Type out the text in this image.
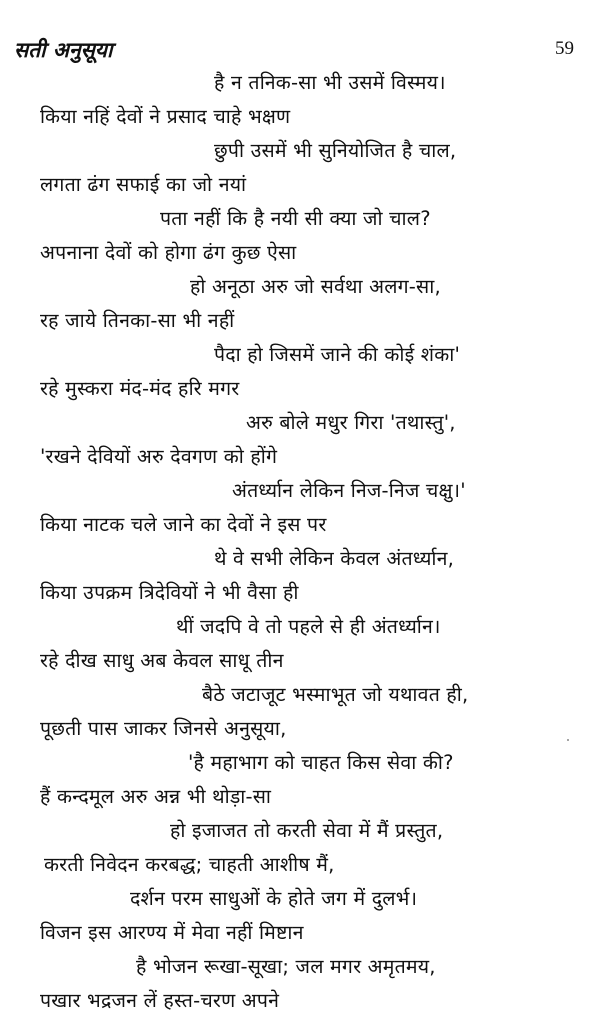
सती अनुसूया	59
है न तनिक-सा भी उसमें विस्मय।
किया नहिं देवों ने प्रसाद चाहे भक्षण
छुपी उसमें भी सुनियोजित है चाल,
लगता ढंग सफाई का जो नयां
पता नहीं कि है नयी सी क्या जो चाल?
अपनाना देवों को होगा ढंग कुछ ऐसा
हो अनूठा अरु जो सर्वथा अलग-सा,
रह जाये तिनका-सा भी नहीं
पैदा हो जिसमें जाने की कोई शंका'
रहे मुस्करा मंद-मंद हरि मगर
अरु बोले मधुर गिरा 'तथास्तु',
'रखने देवियों अरु देवगण को होंगे
अंतर्ध्यान लेकिन निज-निज चक्षु।'
किया नाटक चले जाने का देवों ने इस पर
थे वे सभी लेकिन केवल अंतर्ध्यान,
किया उपक्रम त्रिदेवियों ने भी वैसा ही
थीं जदपि वे तो पहले से ही अंतर्ध्यान।
रहे दीख साधु अब केवल साधू तीन
बैठे जटाजूट भस्माभूत जो यथावत ही,
पूछती पास जाकर जिनसे अनुसूया,
'है महाभाग को चाहत किस सेवा की?
हैं कन्दमूल अरु अन्न भी थोड़ा-सा
हो इजाजत तो करती सेवा में मैं प्रस्तुत,
करती निवेदन करबद्ध; चाहती आशीष मैं,
दर्शन परम साधुओं के होते जग में दुलर्भ।
विजन इस आरण्य में मेवा नहीं मिष्टान
है भोजन रूखा-सूखा; जल मगर अमृतमय,
पखार भद्रजन लें हस्त-चरण अपने
